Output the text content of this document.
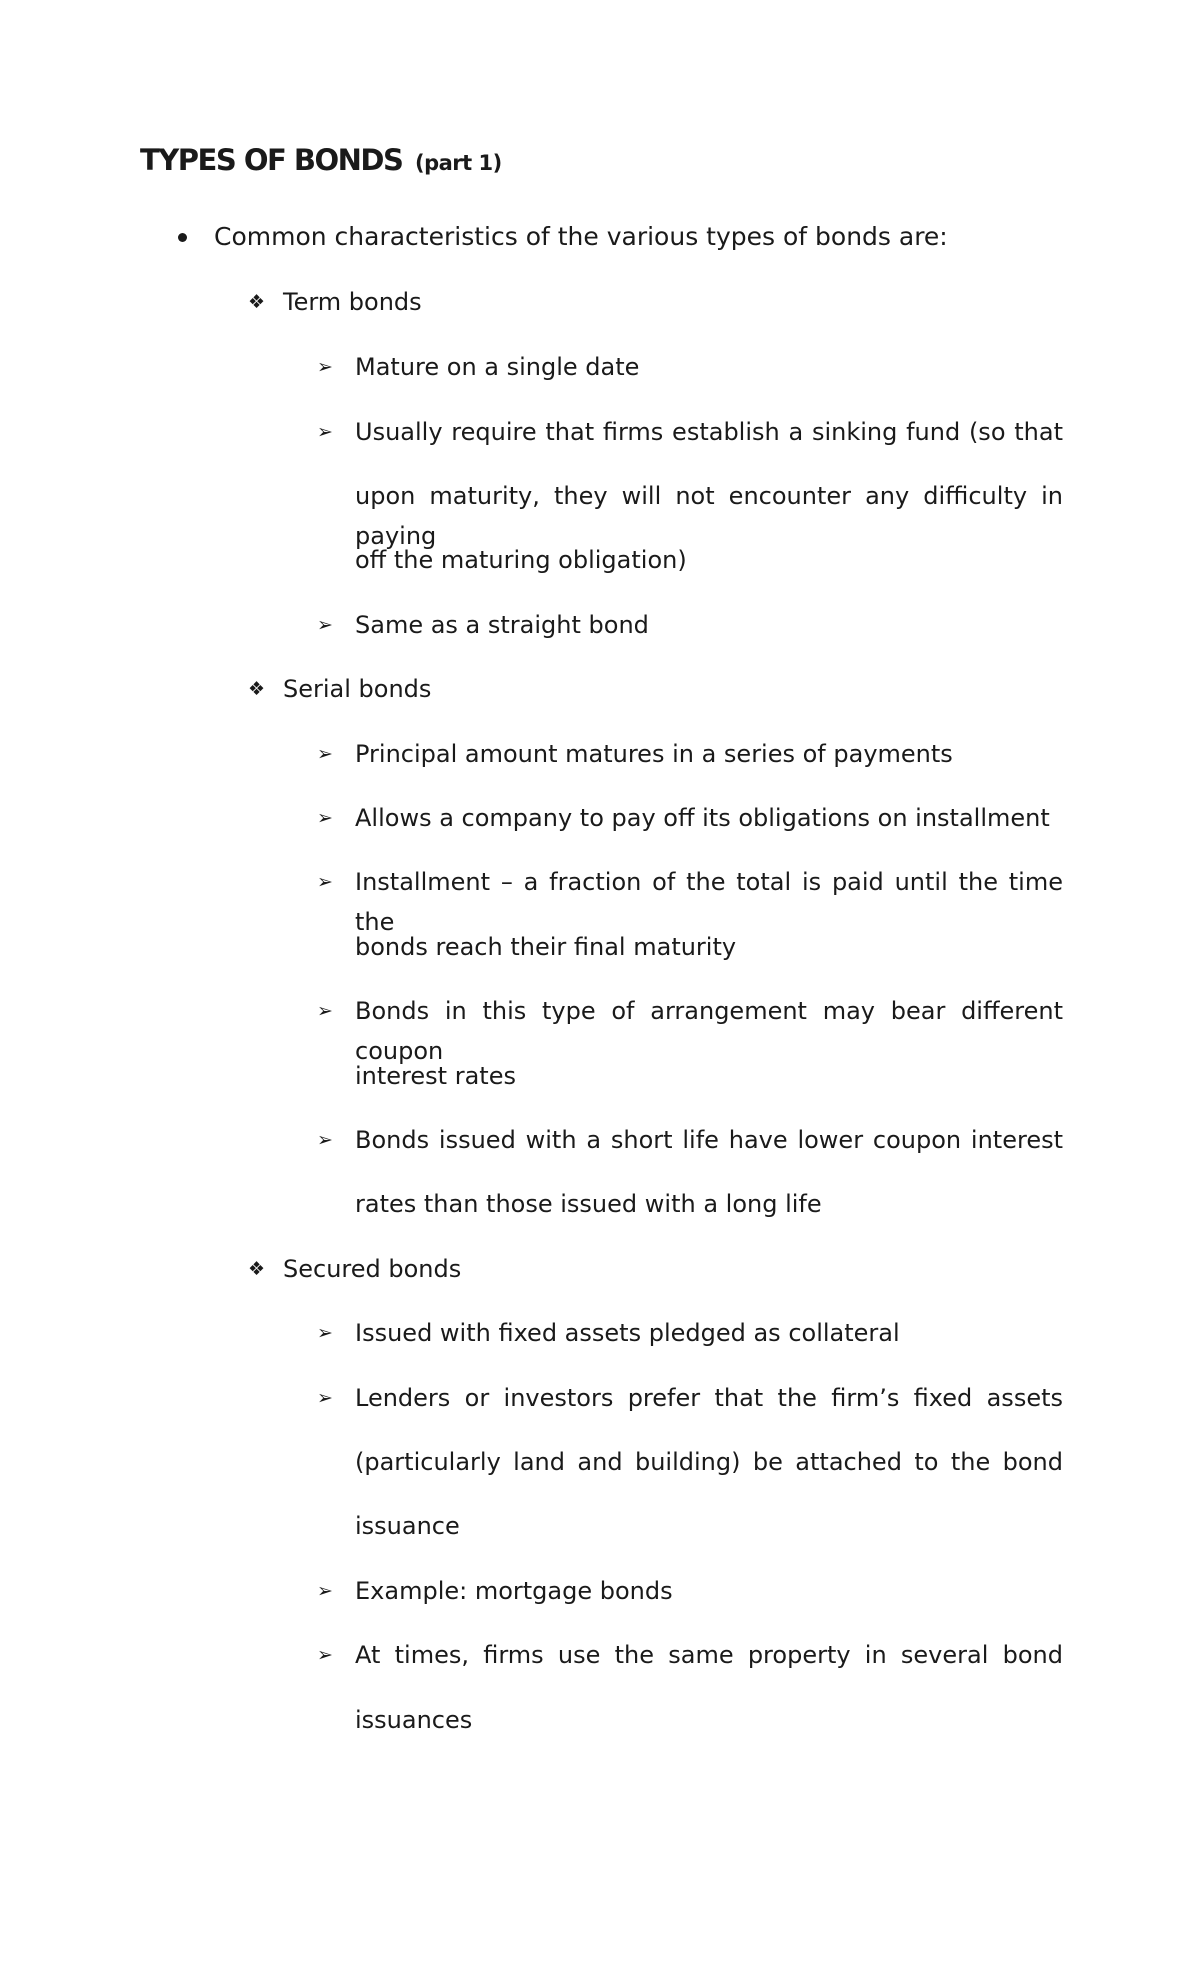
TYPES OF BONDS (part 1)
Common characteristics of the various types of bonds are:
❖ Term bonds
➢ Mature on a single date
➢ Usually require that firms establish a sinking fund (so that
upon maturity, they will not encounter any difficulty in paying
off the maturing obligation)
➢ Same as a straight bond
❖ Serial bonds
➢ Principal amount matures in a series of payments
➢ Allows a company to pay off its obligations on installment
➢ Installment – a fraction of the total is paid until the time the
bonds reach their final maturity
➢ Bonds in this type of arrangement may bear different coupon
interest rates
➢ Bonds issued with a short life have lower coupon interest
rates than those issued with a long life
❖ Secured bonds
➢ Issued with fixed assets pledged as collateral
➢ Lenders or investors prefer that the firm’s fixed assets
(particularly land and building) be attached to the bond
issuance
➢ Example: mortgage bonds
➢ At times, firms use the same property in several bond
issuances
